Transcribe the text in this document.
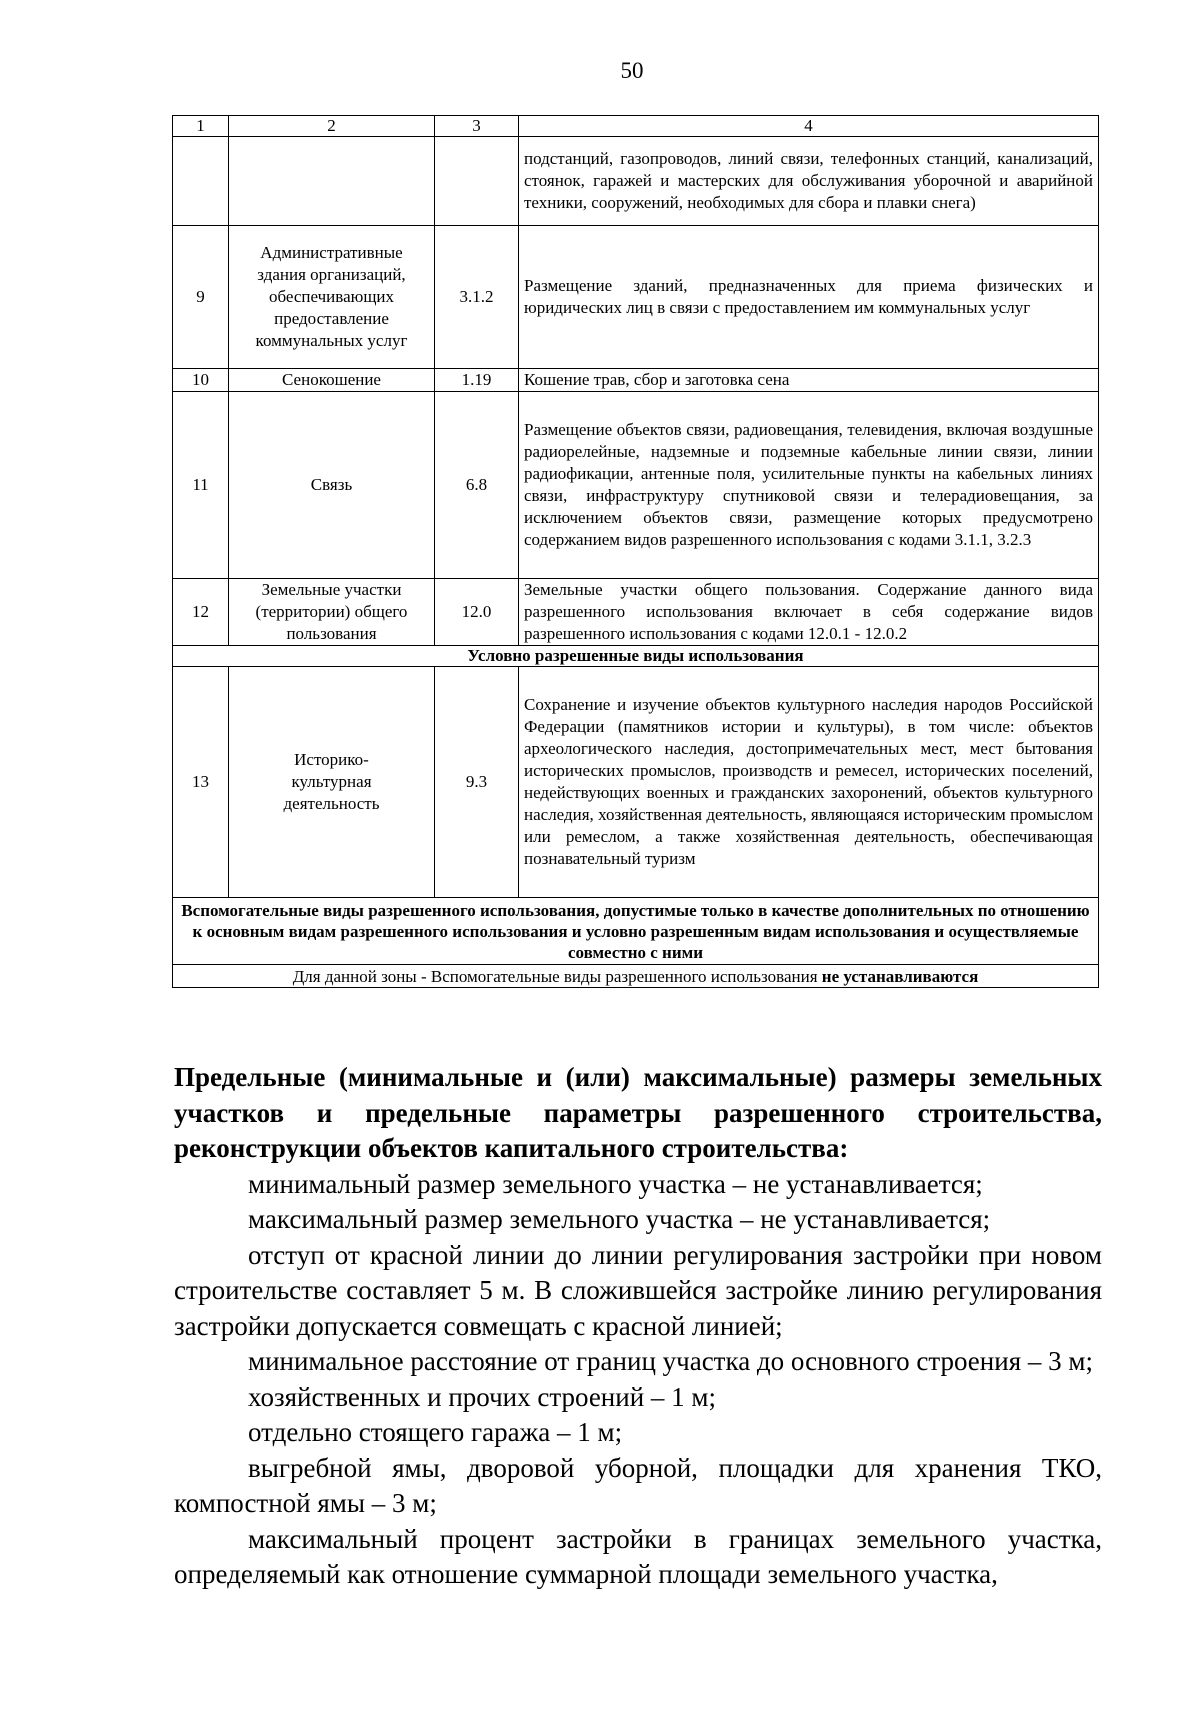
50
1	2	3	4
			подстанций, газопроводов, линий связи, телефонных станций, канализаций, стоянок, гаражей и мастерских для обслуживания уборочной и аварийной техники, сооружений, необходимых для сбора и плавки снега)
9	Административные здания организаций, обеспечивающих предоставление коммунальных услуг	3.1.2	Размещение зданий, предназначенных для приема физических и юридических лиц в связи с предоставлением им коммунальных услуг
10	Сенокошение	1.19	Кошение трав, сбор и заготовка сена
11	Связь	6.8	Размещение объектов связи, радиовещания, телевидения, включая воздушные радиорелейные, надземные и подземные кабельные линии связи, линии радиофикации, антенные поля, усилительные пункты на кабельных линиях связи, инфраструктуру спутниковой связи и телерадиовещания, за исключением объектов связи, размещение которых предусмотрено содержанием видов разрешенного использования с кодами 3.1.1, 3.2.3
12	Земельные участки (территории) общего пользования	12.0	Земельные участки общего пользования. Содержание данного вида разрешенного использования включает в себя содержание видов разрешенного использования с кодами 12.0.1 - 12.0.2
Условно разрешенные виды использования			
13	Историко-культурная деятельность	9.3	Сохранение и изучение объектов культурного наследия народов Российской Федерации (памятников истории и культуры), в том числе: объектов археологического наследия, достопримечательных мест, мест бытования исторических промыслов, производств и ремесел, исторических поселений, недействующих военных и гражданских захоронений, объектов культурного наследия, хозяйственная деятельность, являющаяся историческим промыслом или ремеслом, а также хозяйственная деятельность, обеспечивающая познавательный туризм
Вспомогательные виды разрешенного использования, допустимые только в качестве дополнительных по отношению к основным видам разрешенного использования и условно разрешенным видам использования и осуществляемые совместно с ними			
Для данной зоны - Вспомогательные виды разрешенного использования не устанавливаются			

Предельные (минимальные и (или) максимальные) размеры земельных участков и предельные параметры разрешенного строительства, реконструкции объектов капитального строительства:

минимальный размер земельного участка – не устанавливается;

максимальный размер земельного участка – не устанавливается;

отступ от красной линии до линии регулирования застройки при новом строительстве составляет 5 м. В сложившейся застройке линию регулирования застройки допускается совмещать с красной линией;

минимальное расстояние от границ участка до основного строения – 3 м;

хозяйственных и прочих строений – 1 м;

отдельно стоящего гаража – 1 м;

выгребной ямы, дворовой уборной, площадки для хранения ТКО, компостной ямы – 3 м;

максимальный процент застройки в границах земельного участка, определяемый как отношение суммарной площади земельного участка,
